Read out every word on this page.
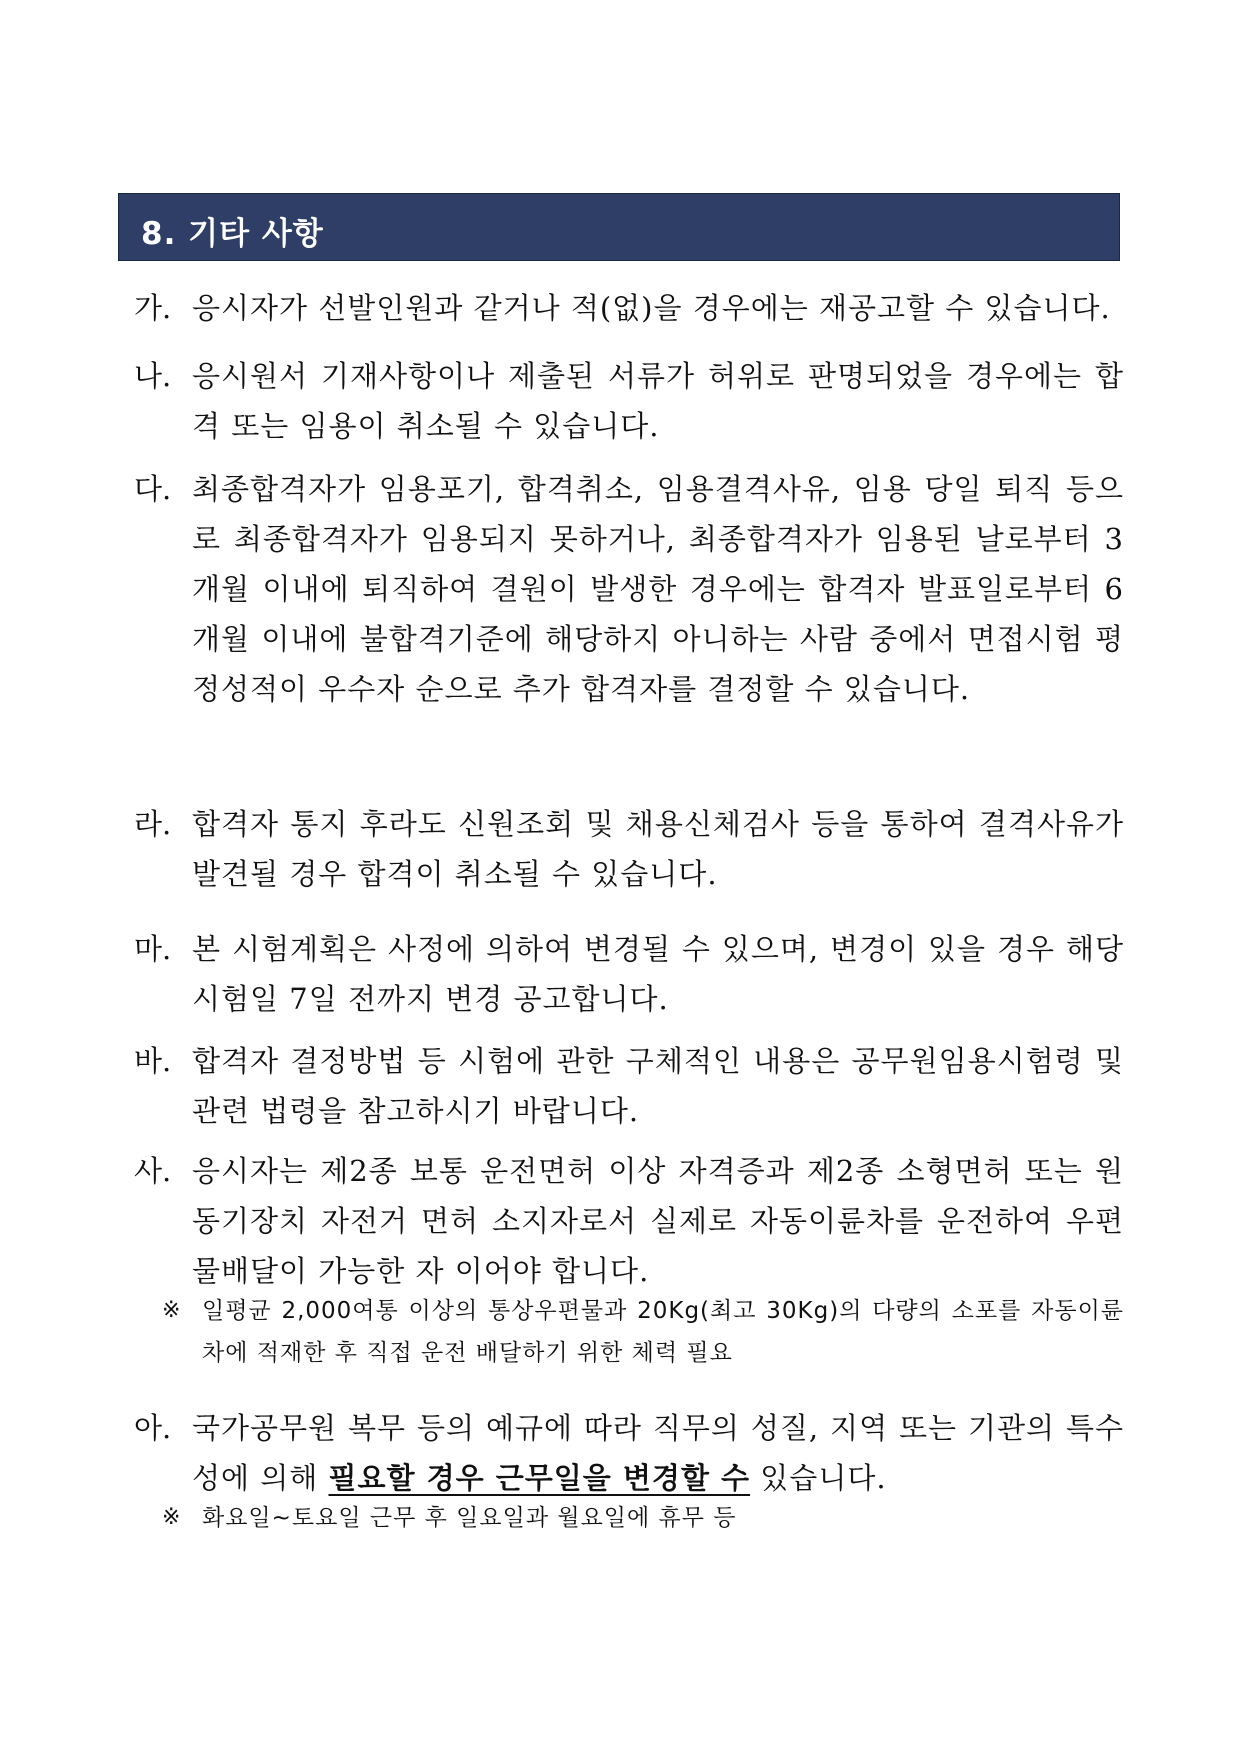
8. 기타 사항
가. 응시자가 선발인원과 같거나 적(없)을 경우에는 재공고할 수 있습니다.
나. 응시원서 기재사항이나 제출된 서류가 허위로 판명되었을 경우에는 합격 또는 임용이 취소될 수 있습니다.
다. 최종합격자가 임용포기, 합격취소, 임용결격사유, 임용 당일 퇴직 등으로 최종합격자가 임용되지 못하거나, 최종합격자가 임용된 날로부터 3개월 이내에 퇴직하여 결원이 발생한 경우에는 합격자 발표일로부터 6개월 이내에 불합격기준에 해당하지 아니하는 사람 중에서 면접시험 평정성적이 우수자 순으로 추가 합격자를 결정할 수 있습니다.
라. 합격자 통지 후라도 신원조회 및 채용신체검사 등을 통하여 결격사유가 발견될 경우 합격이 취소될 수 있습니다.
마. 본 시험계획은 사정에 의하여 변경될 수 있으며, 변경이 있을 경우 해당시험일 7일 전까지 변경 공고합니다.
바. 합격자 결정방법 등 시험에 관한 구체적인 내용은 공무원임용시험령 및 관련 법령을 참고하시기 바랍니다.
사. 응시자는 제2종 보통 운전면허 이상 자격증과 제2종 소형면허 또는 원동기장치 자전거 면허 소지자로서 실제로 자동이륜차를 운전하여 우편물배달이 가능한 자 이어야 합니다.
※ 일평균 2,000여통 이상의 통상우편물과 20Kg(최고 30Kg)의 다량의 소포를 자동이륜차에 적재한 후 직접 운전 배달하기 위한 체력 필요
아. 국가공무원 복무 등의 예규에 따라 직무의 성질, 지역 또는 기관의 특수성에 의해 필요할 경우 근무일을 변경할 수 있습니다.
※ 화요일~토요일 근무 후 일요일과 월요일에 휴무 등
